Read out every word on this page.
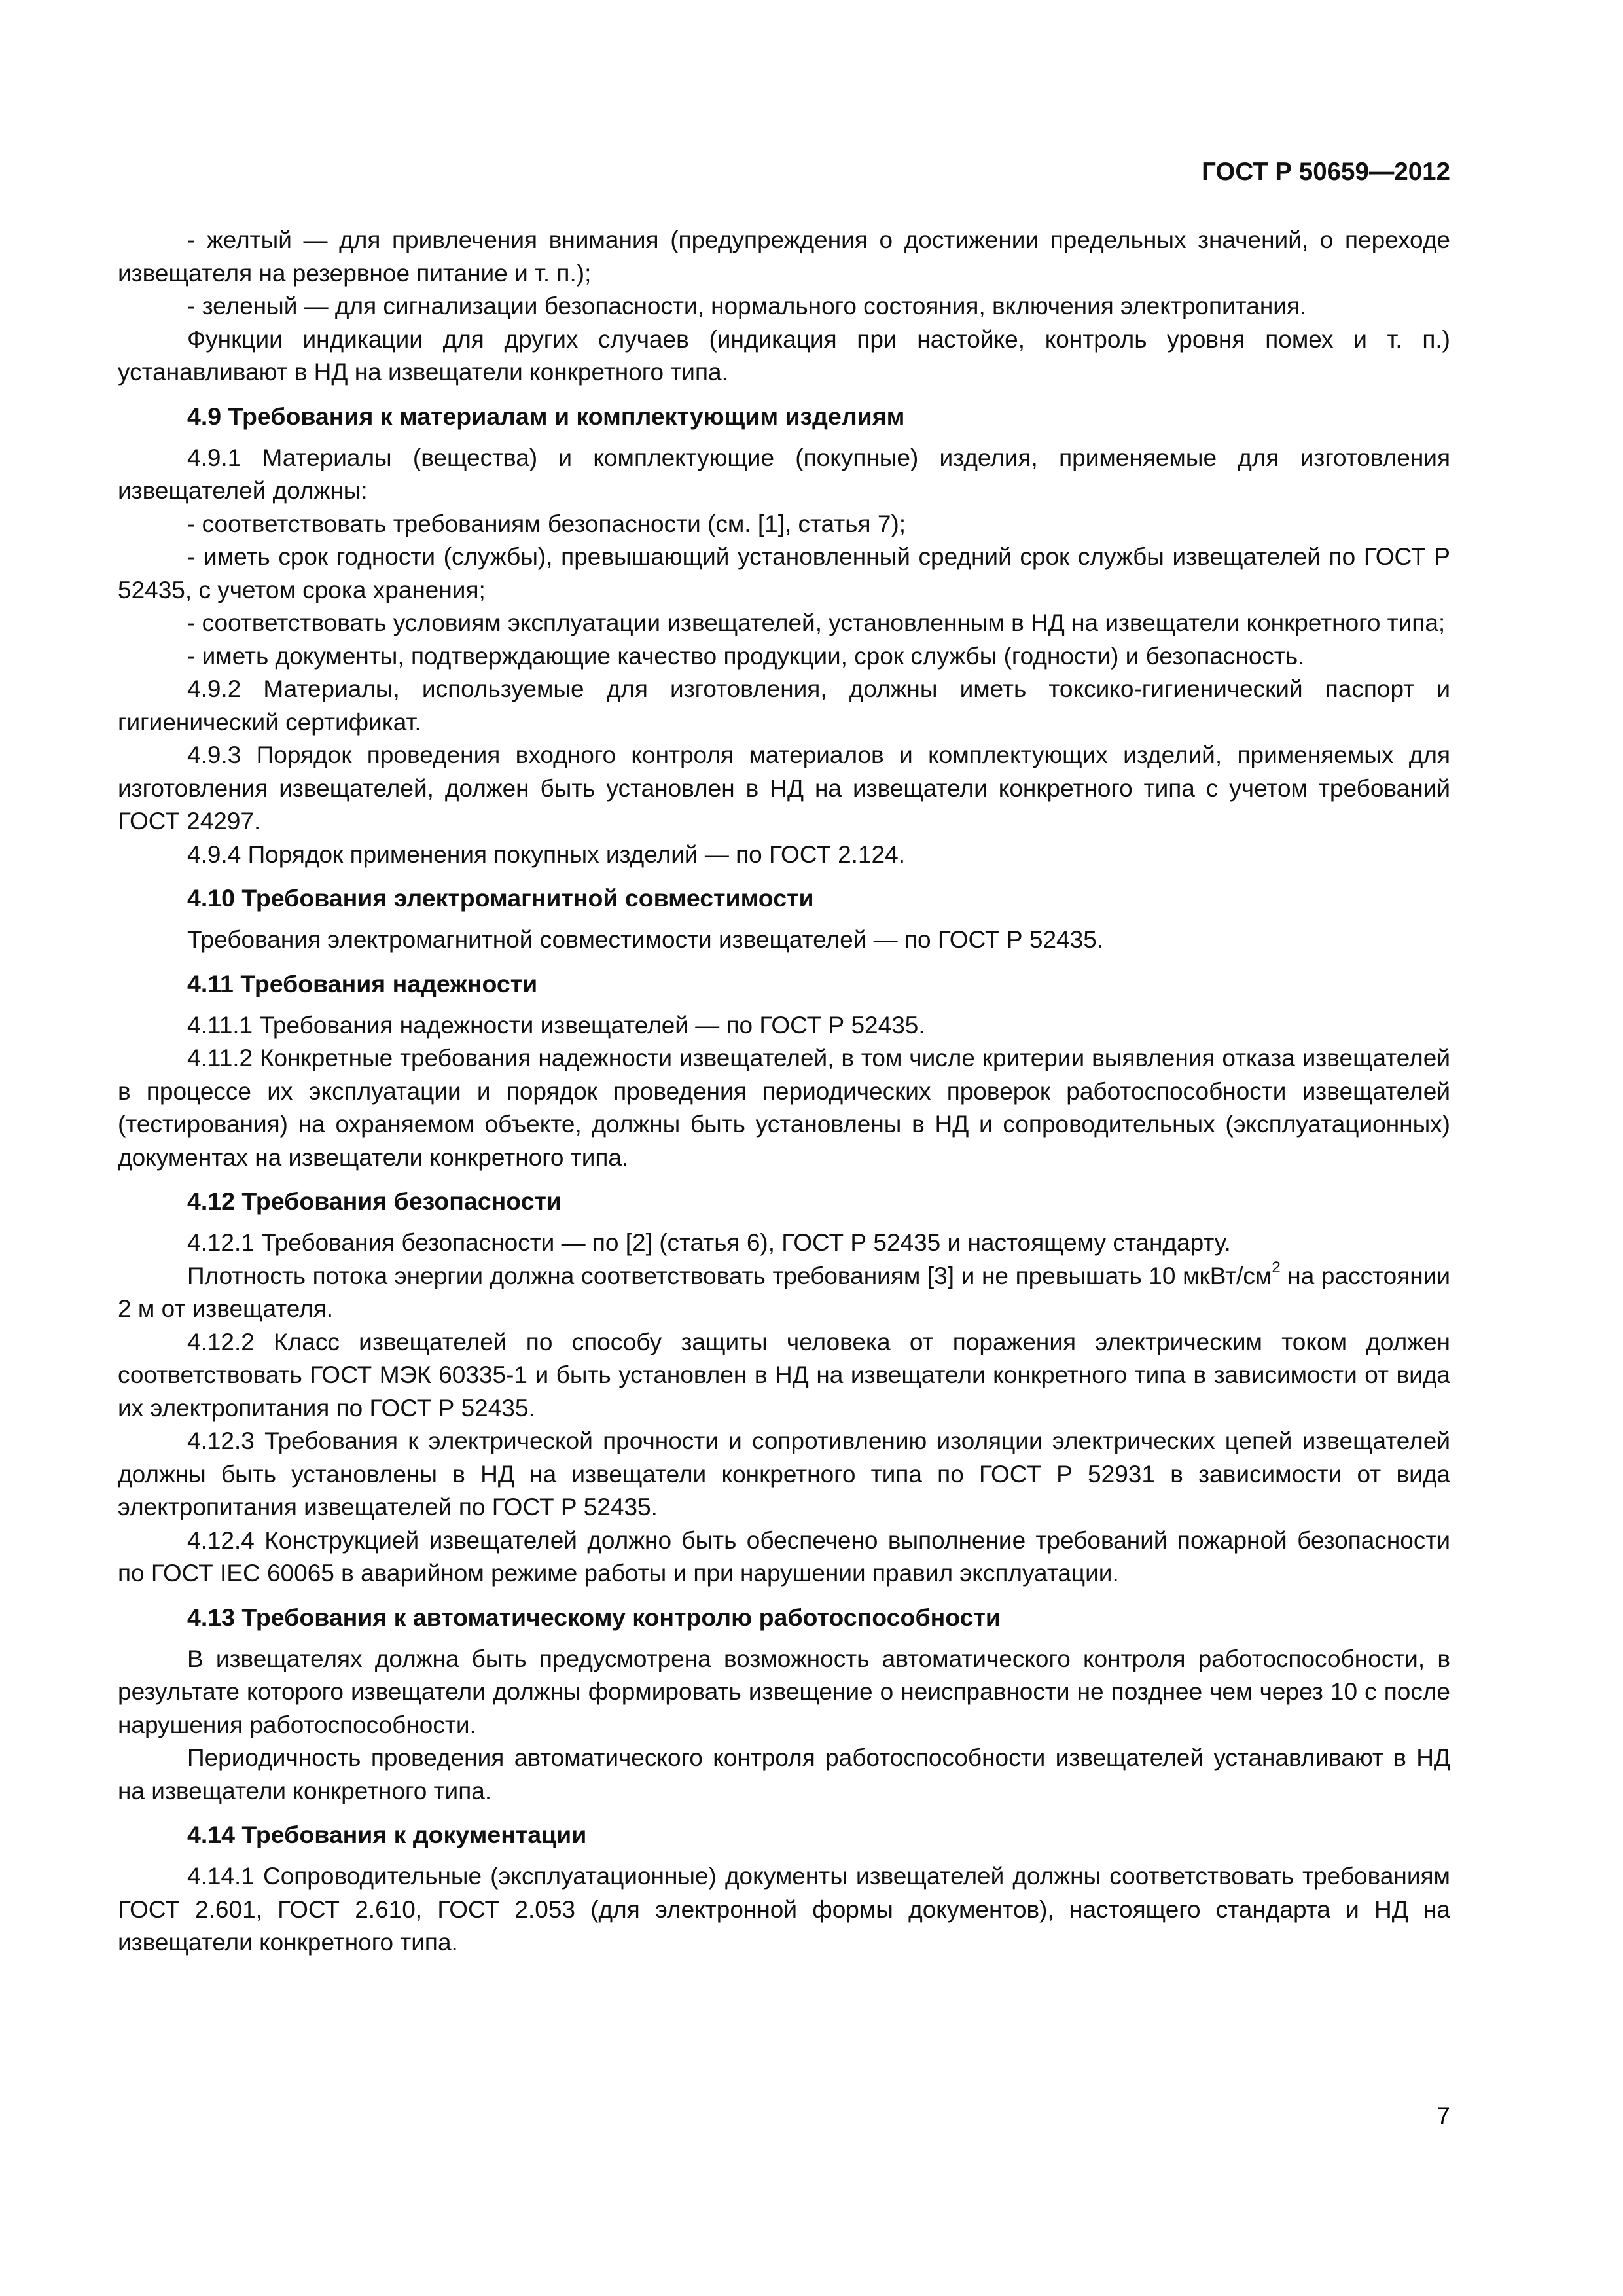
ГОСТ Р 50659—2012

- желтый — для привлечения внимания (предупреждения о достижении предельных значений, о переходе извещателя на резервное питание и т. п.);

- зеленый — для сигнализации безопасности, нормального состояния, включения электропитания.

Функции индикации для других случаев (индикация при настойке, контроль уровня помех и т. п.) устанавливают в НД на извещатели конкретного типа.

4.9 Требования к материалам и комплектующим изделиям

4.9.1 Материалы (вещества) и комплектующие (покупные) изделия, применяемые для изготовления извещателей должны:

- соответствовать требованиям безопасности (см. [1], статья 7);

- иметь срок годности (службы), превышающий установленный средний срок службы извещателей по ГОСТ Р 52435, с учетом срока хранения;

- соответствовать условиям эксплуатации извещателей, установленным в НД на извещатели конкретного типа;

- иметь документы, подтверждающие качество продукции, срок службы (годности) и безопасность.

4.9.2 Материалы, используемые для изготовления, должны иметь токсико-гигиенический паспорт и гигиенический сертификат.

4.9.3 Порядок проведения входного контроля материалов и комплектующих изделий, применяемых для изготовления извещателей, должен быть установлен в НД на извещатели конкретного типа с учетом требований ГОСТ 24297.

4.9.4 Порядок применения покупных изделий — по ГОСТ 2.124.

4.10 Требования электромагнитной совместимости

Требования электромагнитной совместимости извещателей — по ГОСТ Р 52435.

4.11 Требования надежности

4.11.1 Требования надежности извещателей — по ГОСТ Р 52435.

4.11.2 Конкретные требования надежности извещателей, в том числе критерии выявления отказа извещателей в процессе их эксплуатации и порядок проведения периодических проверок работоспособности извещателей (тестирования) на охраняемом объекте, должны быть установлены в НД и сопроводительных (эксплуатационных) документах на извещатели конкретного типа.

4.12 Требования безопасности

4.12.1 Требования безопасности — по [2] (статья 6), ГОСТ Р 52435 и настоящему стандарту.

Плотность потока энергии должна соответствовать требованиям [3] и не превышать 10 мкВт/$см^2$ на расстоянии 2 м от извещателя.

4.12.2 Класс извещателей по способу защиты человека от поражения электрическим током должен соответствовать ГОСТ МЭК 60335-1 и быть установлен в НД на извещатели конкретного типа в зависимости от вида их электропитания по ГОСТ Р 52435.

4.12.3 Требования к электрической прочности и сопротивлению изоляции электрических цепей извещателей должны быть установлены в НД на извещатели конкретного типа по ГОСТ Р 52931 в зависимости от вида электропитания извещателей по ГОСТ Р 52435.

4.12.4 Конструкцией извещателей должно быть обеспечено выполнение требований пожарной безопасности по ГОСТ IEC 60065 в аварийном режиме работы и при нарушении правил эксплуатации.

4.13 Требования к автоматическому контролю работоспособности

В извещателях должна быть предусмотрена возможность автоматического контроля работоспособности, в результате которого извещатели должны формировать извещение о неисправности не позднее чем через 10 с после нарушения работоспособности.

Периодичность проведения автоматического контроля работоспособности извещателей устанавливают в НД на извещатели конкретного типа.

4.14 Требования к документации

4.14.1 Сопроводительные (эксплуатационные) документы извещателей должны соответствовать требованиям ГОСТ 2.601, ГОСТ 2.610, ГОСТ 2.053 (для электронной формы документов), настоящего стандарта и НД на извещатели конкретного типа.

7
